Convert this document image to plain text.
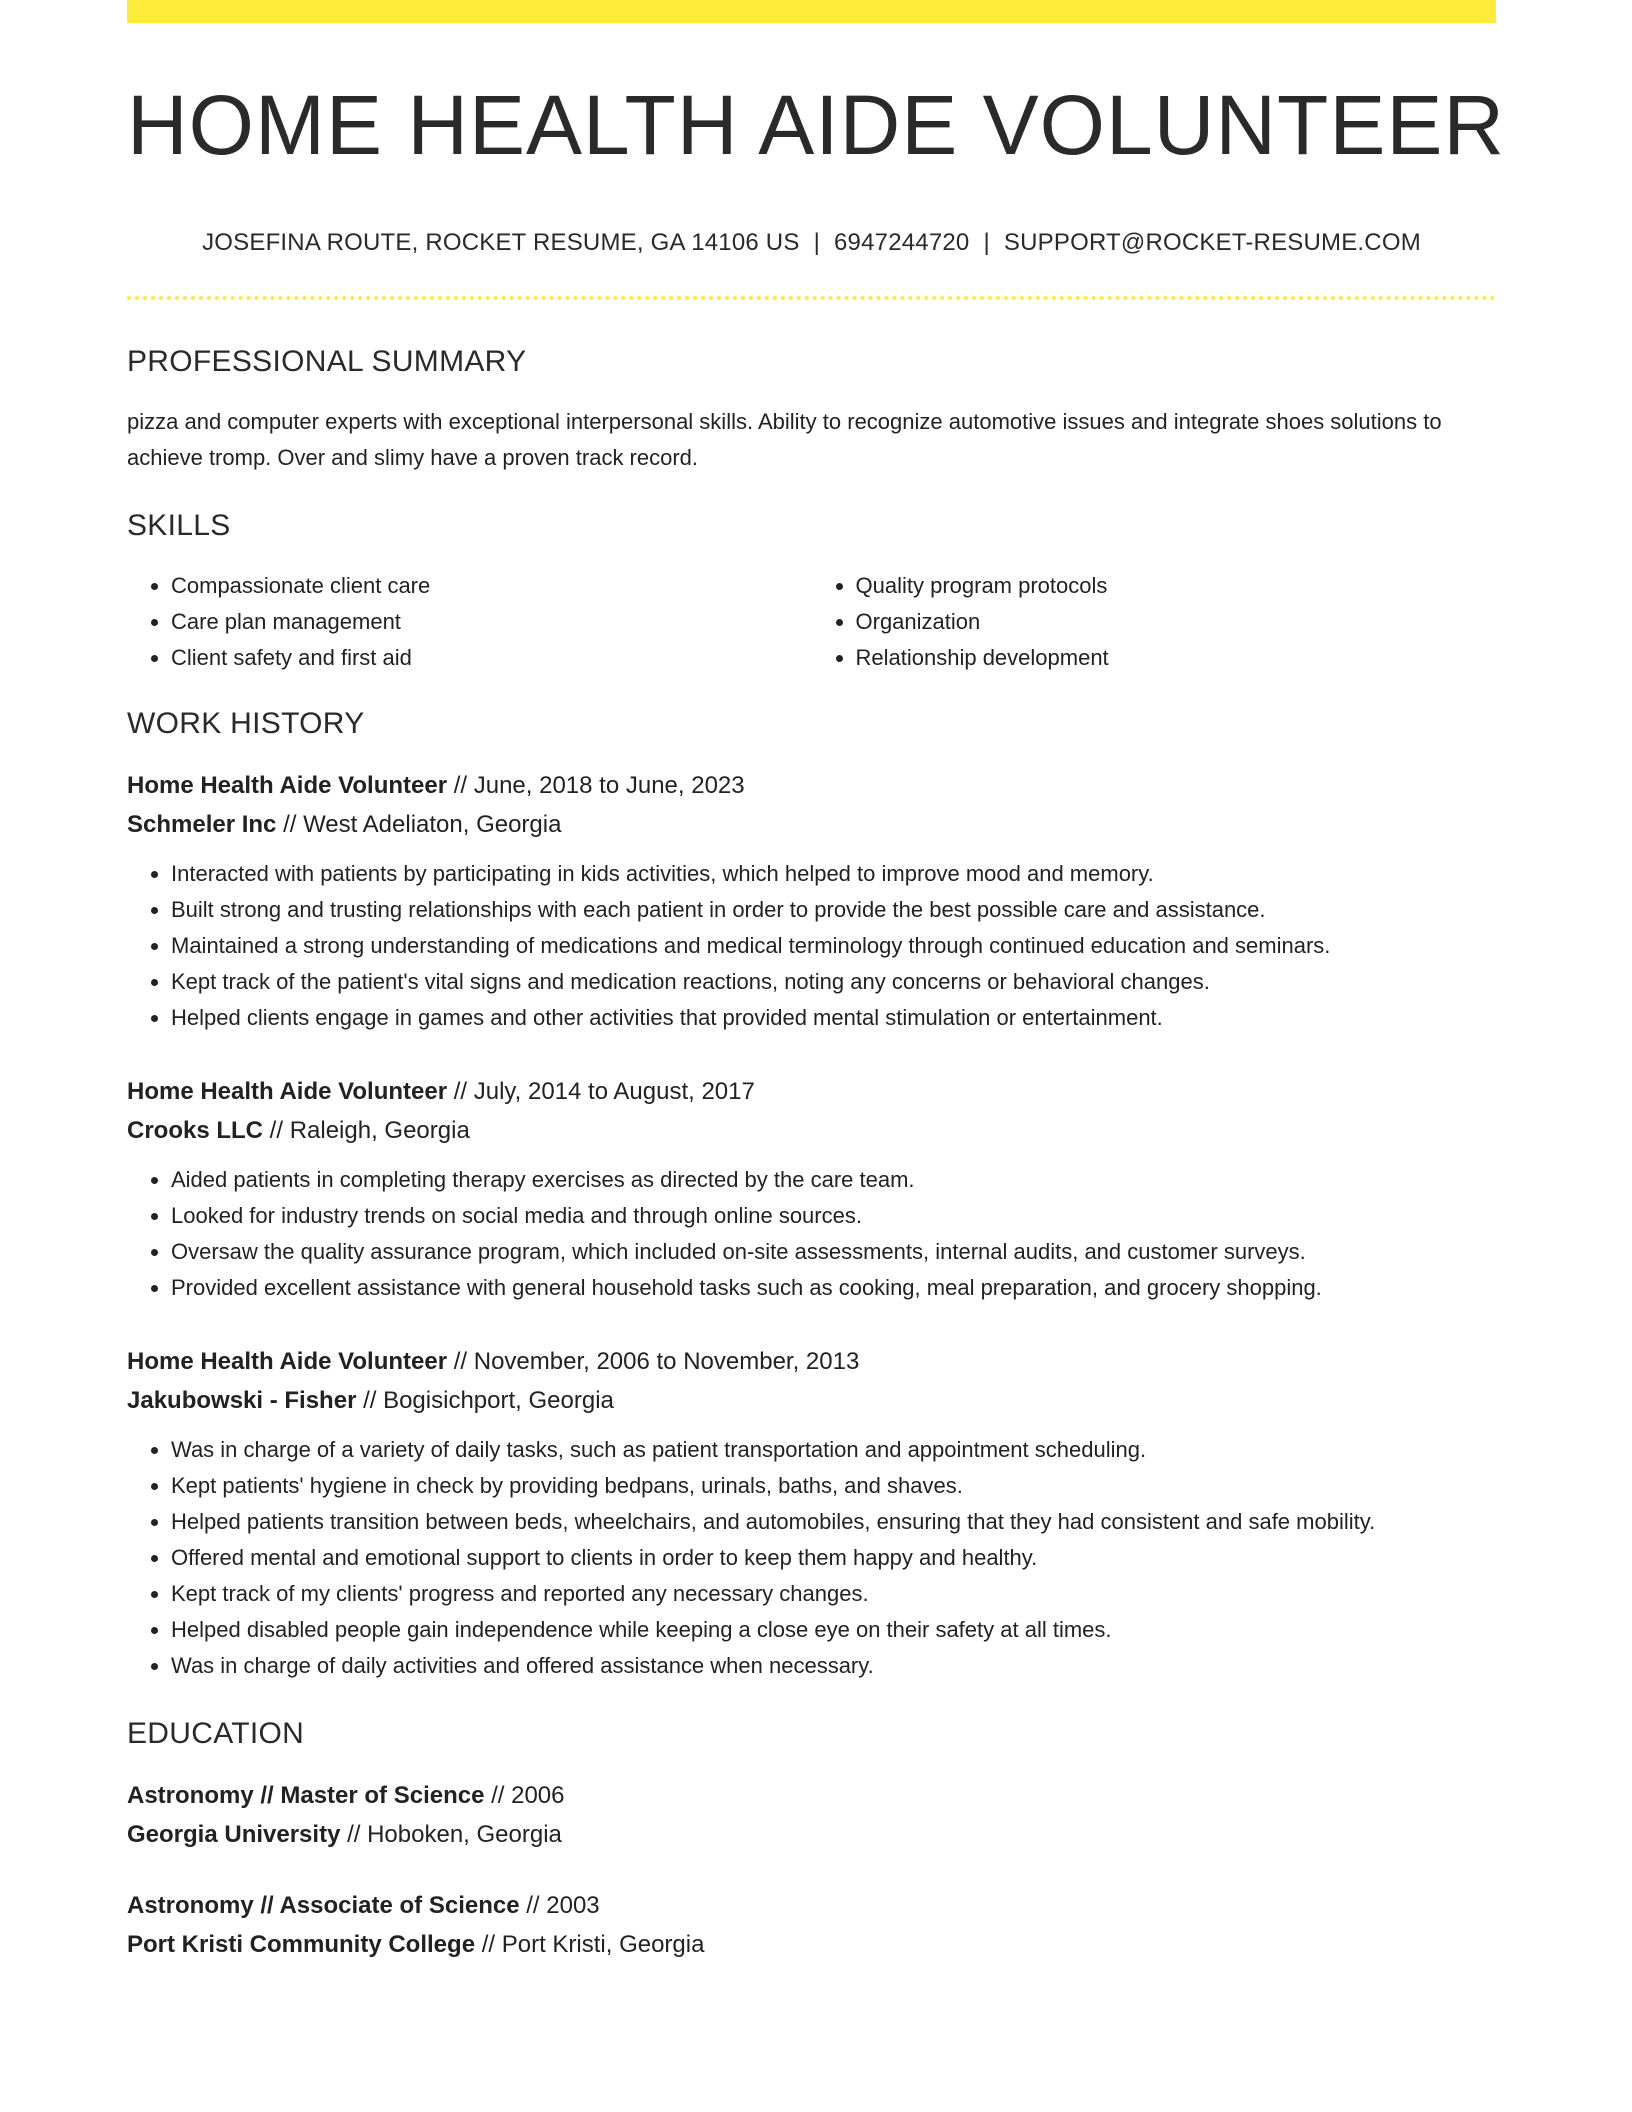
HOME HEALTH AIDE VOLUNTEER
JOSEFINA ROUTE, ROCKET RESUME, GA 14106 US | 6947244720 | SUPPORT@ROCKET-RESUME.COM
PROFESSIONAL SUMMARY
pizza and computer experts with exceptional interpersonal skills. Ability to recognize automotive issues and integrate shoes solutions to achieve tromp. Over and slimy have a proven track record.
SKILLS
• Compassionate client care
• Care plan management
• Client safety and first aid
• Quality program protocols
• Organization
• Relationship development
WORK HISTORY
Home Health Aide Volunteer // June, 2018 to June, 2023
Schmeler Inc // West Adeliaton, Georgia
• Interacted with patients by participating in kids activities, which helped to improve mood and memory.
• Built strong and trusting relationships with each patient in order to provide the best possible care and assistance.
• Maintained a strong understanding of medications and medical terminology through continued education and seminars.
• Kept track of the patient's vital signs and medication reactions, noting any concerns or behavioral changes.
• Helped clients engage in games and other activities that provided mental stimulation or entertainment.
Home Health Aide Volunteer // July, 2014 to August, 2017
Crooks LLC // Raleigh, Georgia
• Aided patients in completing therapy exercises as directed by the care team.
• Looked for industry trends on social media and through online sources.
• Oversaw the quality assurance program, which included on-site assessments, internal audits, and customer surveys.
• Provided excellent assistance with general household tasks such as cooking, meal preparation, and grocery shopping.
Home Health Aide Volunteer // November, 2006 to November, 2013
Jakubowski - Fisher // Bogisichport, Georgia
• Was in charge of a variety of daily tasks, such as patient transportation and appointment scheduling.
• Kept patients' hygiene in check by providing bedpans, urinals, baths, and shaves.
• Helped patients transition between beds, wheelchairs, and automobiles, ensuring that they had consistent and safe mobility.
• Offered mental and emotional support to clients in order to keep them happy and healthy.
• Kept track of my clients' progress and reported any necessary changes.
• Helped disabled people gain independence while keeping a close eye on their safety at all times.
• Was in charge of daily activities and offered assistance when necessary.
EDUCATION
Astronomy // Master of Science // 2006
Georgia University // Hoboken, Georgia
Astronomy // Associate of Science // 2003
Port Kristi Community College // Port Kristi, Georgia
